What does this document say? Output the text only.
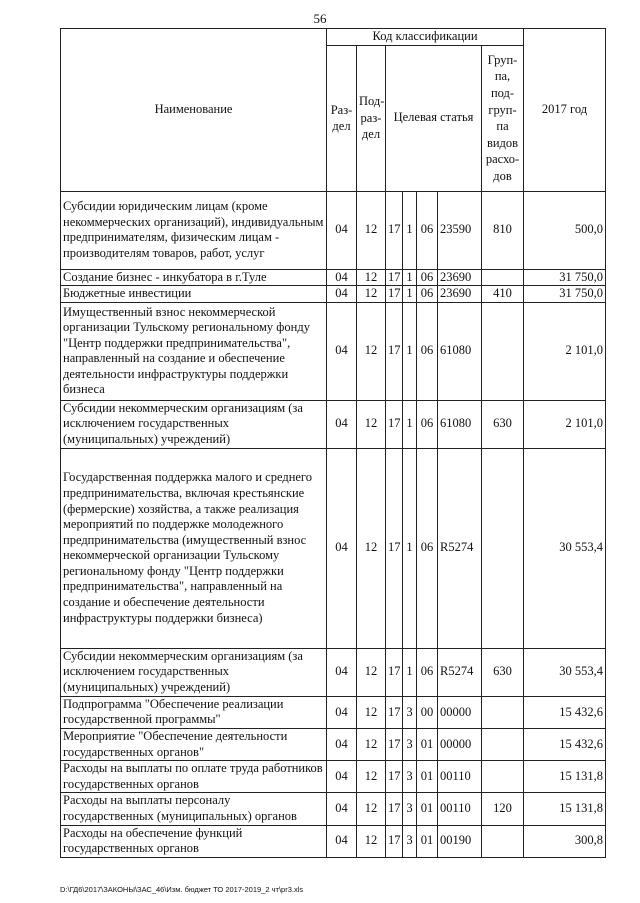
56
Наименование	Код классификации							2017 год
	Раз-дел	Под-раз-дел	Целевая статья				Груп-па, под-груп-па видов расхо-дов	
Субсидии юридическим лицам (кроме некоммерческих организаций), индивидуальным предпринимателям, физическим лицам - производителям товаров, работ, услуг	04	12	17	1	06	23590	810	500,0
Создание бизнес - инкубатора в г.Туле	04	12	17	1	06	23690		31 750,0
Бюджетные инвестиции	04	12	17	1	06	23690	410	31 750,0
Имущественный взнос некоммерческой организации Тульскому региональному фонду "Центр поддержки предпринимательства", направленный на создание и обеспечение деятельности инфраструктуры поддержки бизнеса	04	12	17	1	06	61080		2 101,0
Субсидии некоммерческим организациям (за исключением государственных (муниципальных) учреждений)	04	12	17	1	06	61080	630	2 101,0
Государственная поддержка малого и среднего предпринимательства, включая крестьянские (фермерские) хозяйства, а также реализация мероприятий по поддержке молодежного предпринимательства (имущественный взнос некоммерческой организации Тульскому региональному фонду "Центр поддержки предпринимательства", направленный на создание и обеспечение деятельности инфраструктуры поддержки бизнеса)	04	12	17	1	06	R5274		30 553,4
Субсидии некоммерческим организациям (за исключением государственных (муниципальных) учреждений)	04	12	17	1	06	R5274	630	30 553,4
Подпрограмма "Обеспечение реализации государственной программы"	04	12	17	3	00	00000		15 432,6
Мероприятие "Обеспечение деятельности государственных органов"	04	12	17	3	01	00000		15 432,6
Расходы на выплаты по оплате труда работников государственных органов	04	12	17	3	01	00110		15 131,8
Расходы на выплаты персоналу государственных (муниципальных) органов	04	12	17	3	01	00110	120	15 131,8
Расходы на обеспечение функций государственных органов	04	12	17	3	01	00190		300,8
D:\ГД6\2017\ЗАКОНЫ\ЗАС_46\Изм. бюджет ТО 2017-2019_2 чт\pr3.xls
